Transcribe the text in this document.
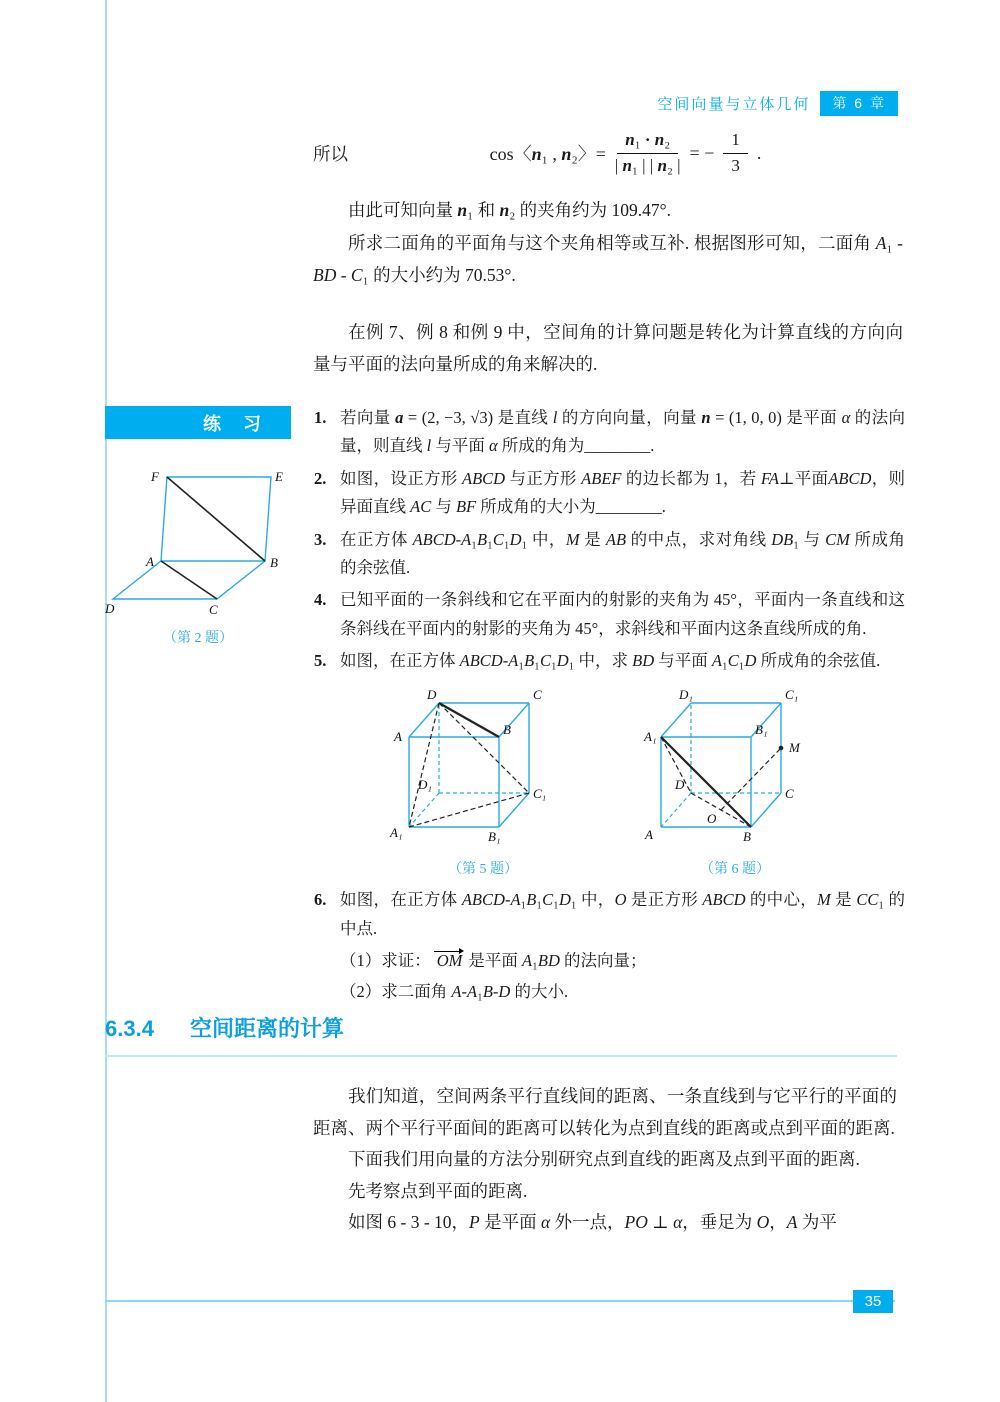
空间向量与立体几何	第 6 章
所以	cos〈n₁ , n₂〉= $\frac{\text{n₁ · n₂}}{\text{| n₁ | | n₂ |}}$ = − $\frac{1}{3}$ .

由此可知向量 n₁ 和 n₂ 的夹角约为 109.47°.

所求二面角的平面角与这个夹角相等或互补. 根据图形可知，二面角 A₁ - BD - C₁ 的大小约为 70.53°.

在例 7、例 8 和例 9 中，空间角的计算问题是转化为计算直线的方向向量与平面的法向量所成的角来解决的.

练　习
F	E
A	B
D	C
（第 2 题）
1. 若向量 a = (2, −3, √3) 是直线 l 的方向向量，向量 n = (1, 0, 0) 是平面 α 的法向量，则直线 l 与平面 α 所成的角为________.
2. 如图，设正方形 ABCD 与正方形 ABEF 的边长都为 1，若 FA⊥平面ABCD，则异面直线 AC 与 BF 所成角的大小为________.
3. 在正方体 ABCD-A₁B₁C₁D₁ 中，M 是 AB 的中点，求对角线 DB₁ 与 CM 所成角的余弦值.
4. 已知平面的一条斜线和它在平面内的射影的夹角为 45°，平面内一条直线和这条斜线在平面内的射影的夹角为 45°，求斜线和平面内这条直线所成的角.
5. 如图，在正方体 ABCD-A₁B₁C₁D₁ 中，求 BD 与平面 A₁C₁D 所成角的余弦值.
D	C
A	B
D₁
C₁
A₁	B₁
（第 5 题）
D₁	C₁
A₁	B₁
M
D
C
A	B
O
（第 6 题）
6. 如图，在正方体 ABCD-A₁B₁C₁D₁ 中，O 是正方形 ABCD 的中心，M 是 CC₁ 的中点.
（1）求证： OM 是平面 A₁BD 的法向量；
（2）求二面角 A-A₁B-D 的大小.
6.3.4 空间距离的计算

我们知道，空间两条平行直线间的距离、一条直线到与它平行的平面的距离、两个平行平面间的距离可以转化为点到直线的距离或点到平面的距离.

下面我们用向量的方法分别研究点到直线的距离及点到平面的距离.

先考察点到平面的距离.

如图 6 - 3 - 10，P 是平面 α 外一点，PO ⊥ α，垂足为 O，A 为平

35
